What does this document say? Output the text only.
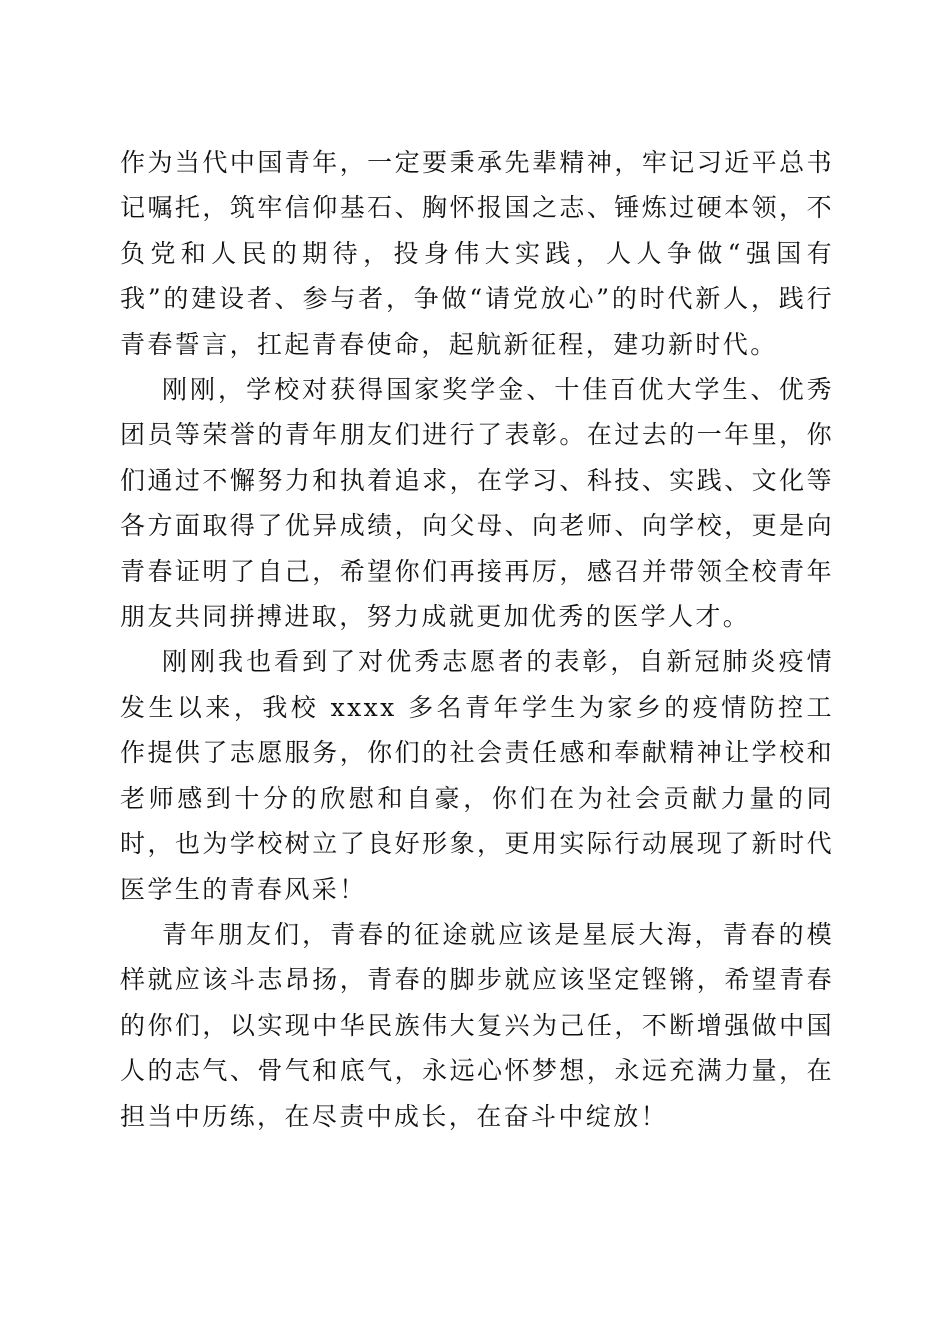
作为当代中国青年，一定要秉承先辈精神，牢记习近平总书记嘱托，筑牢信仰基石、胸怀报国之志、锤炼过硬本领，不负党和人民的期待，投身伟大实践，人人争做“强国有我”的建设者、参与者，争做“请党放心”的时代新人，践行青春誓言，扛起青春使命，起航新征程，建功新时代。

刚刚，学校对获得国家奖学金、十佳百优大学生、优秀团员等荣誉的青年朋友们进行了表彰。在过去的一年里，你们通过不懈努力和执着追求，在学习、科技、实践、文化等各方面取得了优异成绩，向父母、向老师、向学校，更是向青春证明了自己，希望你们再接再厉，感召并带领全校青年朋友共同拼搏进取，努力成就更加优秀的医学人才。

刚刚我也看到了对优秀志愿者的表彰，自新冠肺炎疫情发生以来，我校 xxxx 多名青年学生为家乡的疫情防控工作提供了志愿服务，你们的社会责任感和奉献精神让学校和老师感到十分的欣慰和自豪，你们在为社会贡献力量的同时，也为学校树立了良好形象，更用实际行动展现了新时代医学生的青春风采！

青年朋友们，青春的征途就应该是星辰大海，青春的模样就应该斗志昂扬，青春的脚步就应该坚定铿锵，希望青春的你们，以实现中华民族伟大复兴为己任，不断增强做中国人的志气、骨气和底气，永远心怀梦想，永远充满力量，在担当中历练，在尽责中成长，在奋斗中绽放！
